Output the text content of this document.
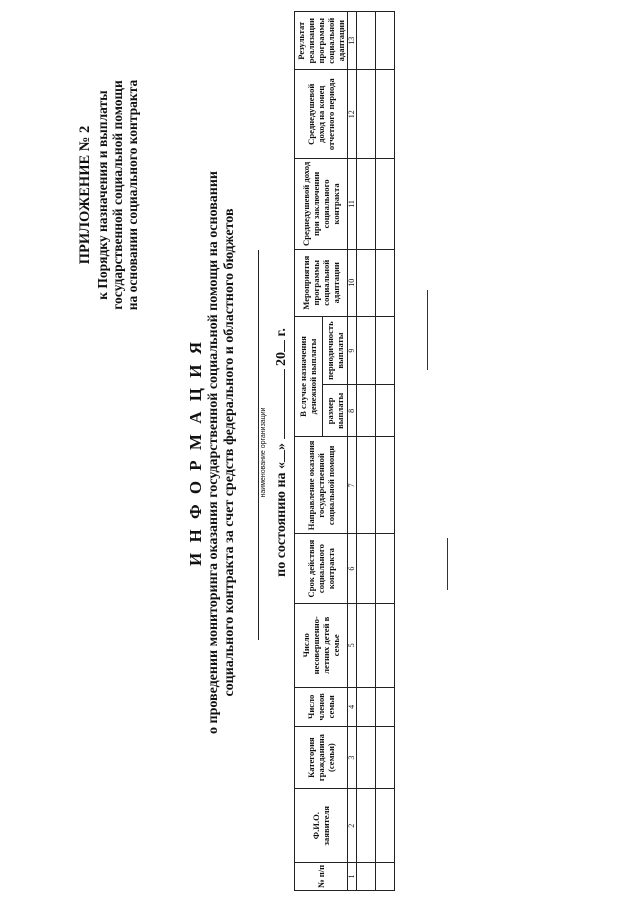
ПРИЛОЖЕНИЕ № 2 к Порядку назначения и выплаты государственной социальной помощи на основании социального контракта
И Н Ф О Р М А Ц И Я о проведении мониторинга оказания государственной социальной помощи на основании социального контракта за счет средств федерального и областного бюджетов	наименование организации
по состоянию на «»  20 г.
№ п/п	Ф.И.О. заявителя	Категория гражданина (семьи)	Число членов семьи	Число несовершенно-летних детей в семье	Срок действия социального контракта	Направление оказания государственной социальной помощи	В случае назначения денежной выплаты		Мероприятия программы социальной адаптации	Среднедушевой доход при заключении социального контракта	Среднедушевой доход на конец отчетного периода	Результат реализации программы социальной адаптации
							размер выплаты	периодичность выплаты				
1	2	3	4	5	6	7	8	9	10	11	12	13
